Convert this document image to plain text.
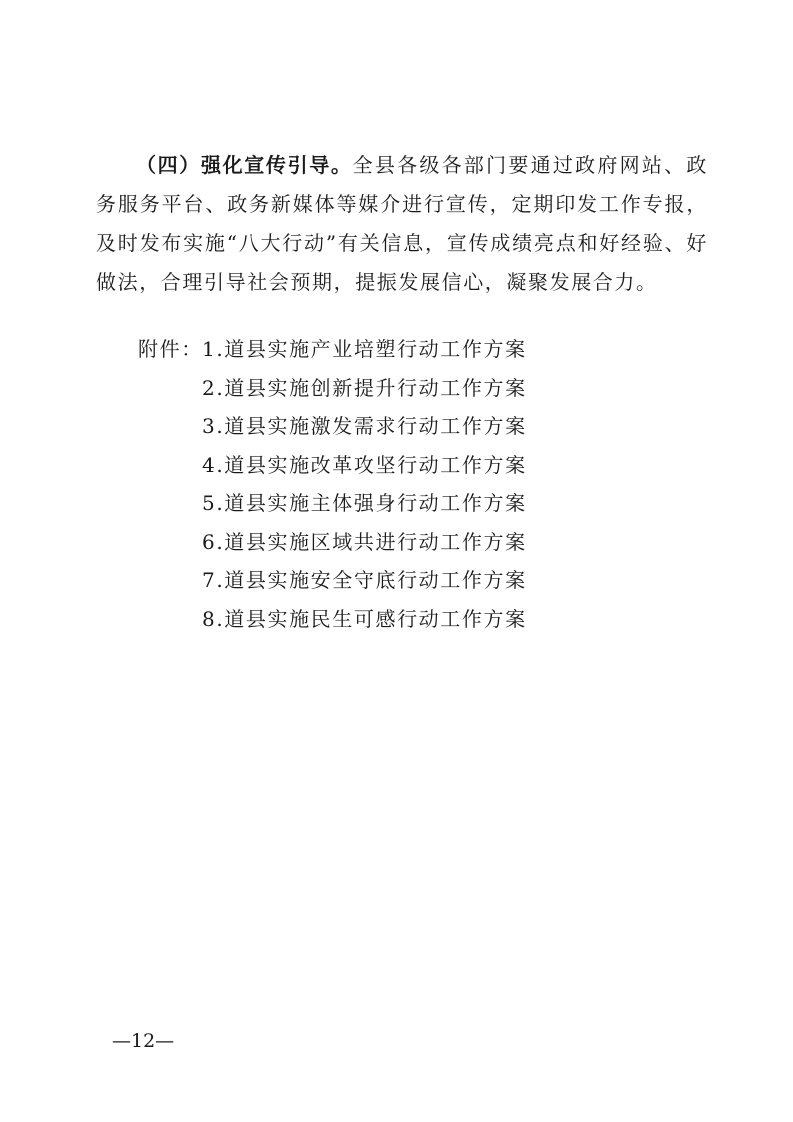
（四）强化宣传引导。全县各级各部门要通过政府网站、政务服务平台、政务新媒体等媒介进行宣传，定期印发工作专报，及时发布实施“八大行动”有关信息，宣传成绩亮点和好经验、好做法，合理引导社会预期，提振发展信心，凝聚发展合力。

附件： 1.道县实施产业培塑行动工作方案
2.道县实施创新提升行动工作方案
3.道县实施激发需求行动工作方案
4.道县实施改革攻坚行动工作方案
5.道县实施主体强身行动工作方案
6.道县实施区域共进行动工作方案
7.道县实施安全守底行动工作方案
8.道县实施民生可感行动工作方案
—12—
